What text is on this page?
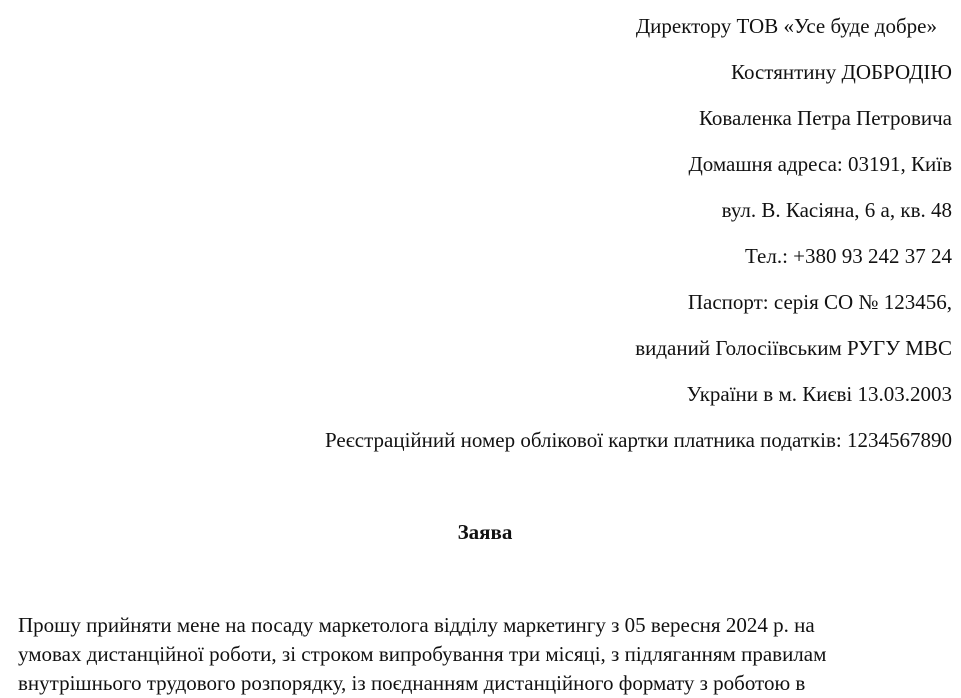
Директору ТОВ «Усе буде добре»
Костянтину ДОБРОДІЮ
Коваленка Петра Петровича
Домашня адреса: 03191, Київ
вул. В. Касіяна, 6 а, кв. 48
Тел.: +380 93 242 37 24
Паспорт: серія СО № 123456,
виданий Голосіївським РУГУ МВС
України в м. Києві 13.03.2003
Реєстраційний номер облікової картки платника податків: 1234567890
Заява
Прошу прийняти мене на посаду маркетолога відділу маркетингу з 05 вересня 2024 р. на
умовах дистанційної роботи, зі строком випробування три місяці, з підляганням правилам
внутрішнього трудового розпорядку, із поєднанням дистанційного формату з роботою в
